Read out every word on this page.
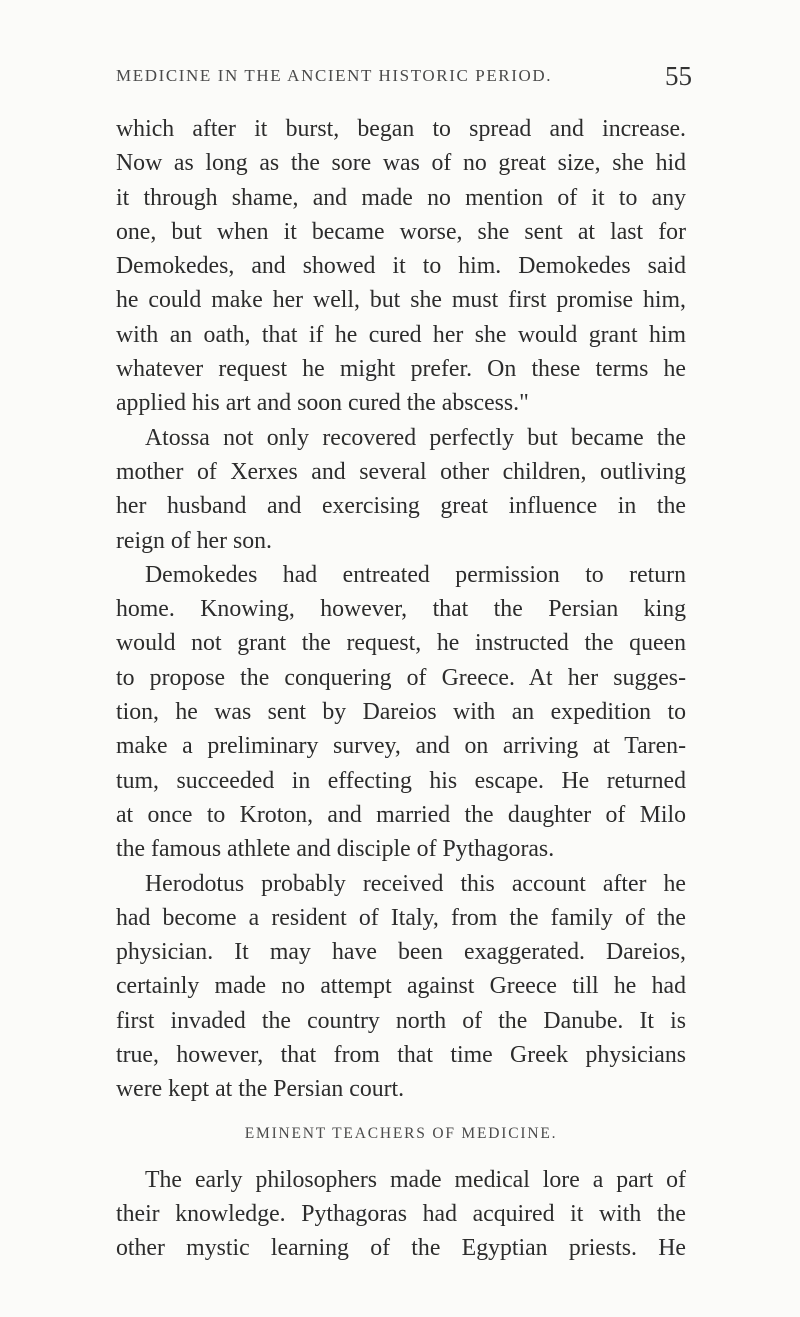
MEDICINE IN THE ANCIENT HISTORIC PERIOD.	55
which after it burst, began to spread and increase.
Now as long as the sore was of no great size, she hid
it through shame, and made no mention of it to any
one, but when it became worse, she sent at last for
Demokedes, and showed it to him. Demokedes said
he could make her well, but she must first promise him,
with an oath, that if he cured her she would grant him
whatever request he might prefer. On these terms he
applied his art and soon cured the abscess."
Atossa not only recovered perfectly but became the
mother of Xerxes and several other children, outliving
her husband and exercising great influence in the
reign of her son.
Demokedes had entreated permission to return
home. Knowing, however, that the Persian king
would not grant the request, he instructed the queen
to propose the conquering of Greece. At her sugges-
tion, he was sent by Dareios with an expedition to
make a preliminary survey, and on arriving at Taren-
tum, succeeded in effecting his escape. He returned
at once to Kroton, and married the daughter of Milo
the famous athlete and disciple of Pythagoras.
Herodotus probably received this account after he
had become a resident of Italy, from the family of the
physician. It may have been exaggerated. Dareios,
certainly made no attempt against Greece till he had
first invaded the country north of the Danube. It is
true, however, that from that time Greek physicians
were kept at the Persian court.
EMINENT TEACHERS OF MEDICINE.
The early philosophers made medical lore a part of
their knowledge. Pythagoras had acquired it with the
other mystic learning of the Egyptian priests. He
